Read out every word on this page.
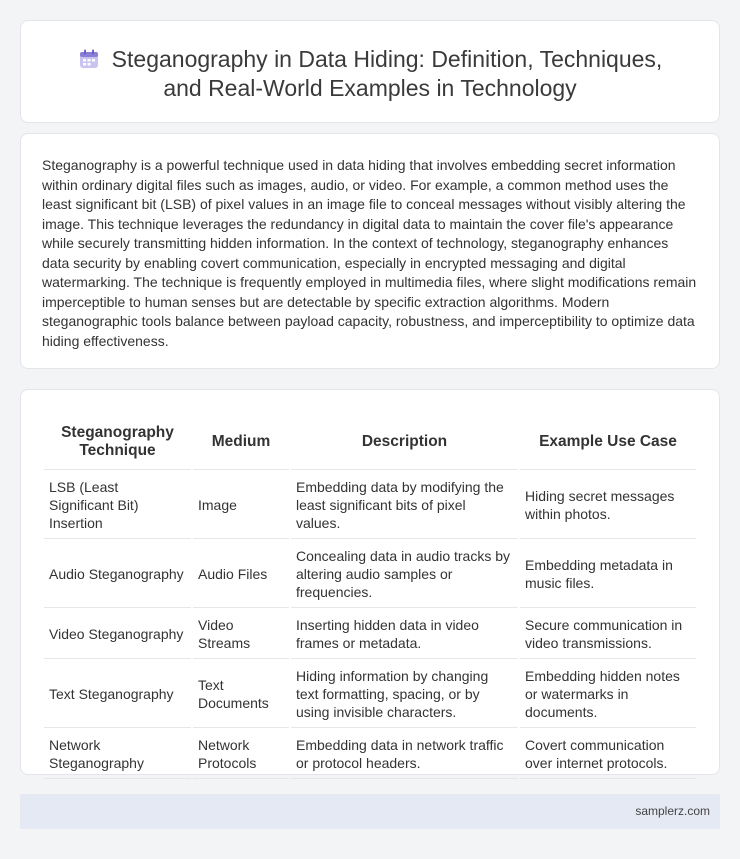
Steganography in Data Hiding: Definition, Techniques,
and Real-World Examples in Technology

Steganography is a powerful technique used in data hiding that involves embedding secret information within ordinary digital files such as images, audio, or video. For example, a common method uses the least significant bit (LSB) of pixel values in an image file to conceal messages without visibly altering the image. This technique leverages the redundancy in digital data to maintain the cover file's appearance while securely transmitting hidden information. In the context of technology, steganography enhances data security by enabling covert communication, especially in encrypted messaging and digital watermarking. The technique is frequently employed in multimedia files, where slight modifications remain imperceptible to human senses but are detectable by specific extraction algorithms. Modern steganographic tools balance between payload capacity, robustness, and imperceptibility to optimize data hiding effectiveness.

Steganography Technique	Medium	Description	Example Use Case
LSB (Least Significant Bit) Insertion	Image	Embedding data by modifying the least significant bits of pixel values.	Hiding secret messages within photos.
Audio Steganography	Audio Files	Concealing data in audio tracks by altering audio samples or frequencies.	Embedding metadata in music files.
Video Steganography	Video Streams	Inserting hidden data in video frames or metadata.	Secure communication in video transmissions.
Text Steganography	Text Documents	Hiding information by changing text formatting, spacing, or by using invisible characters.	Embedding hidden notes or watermarks in documents.
Network Steganography	Network Protocols	Embedding data in network traffic or protocol headers.	Covert communication over internet protocols.
samplerz.com
